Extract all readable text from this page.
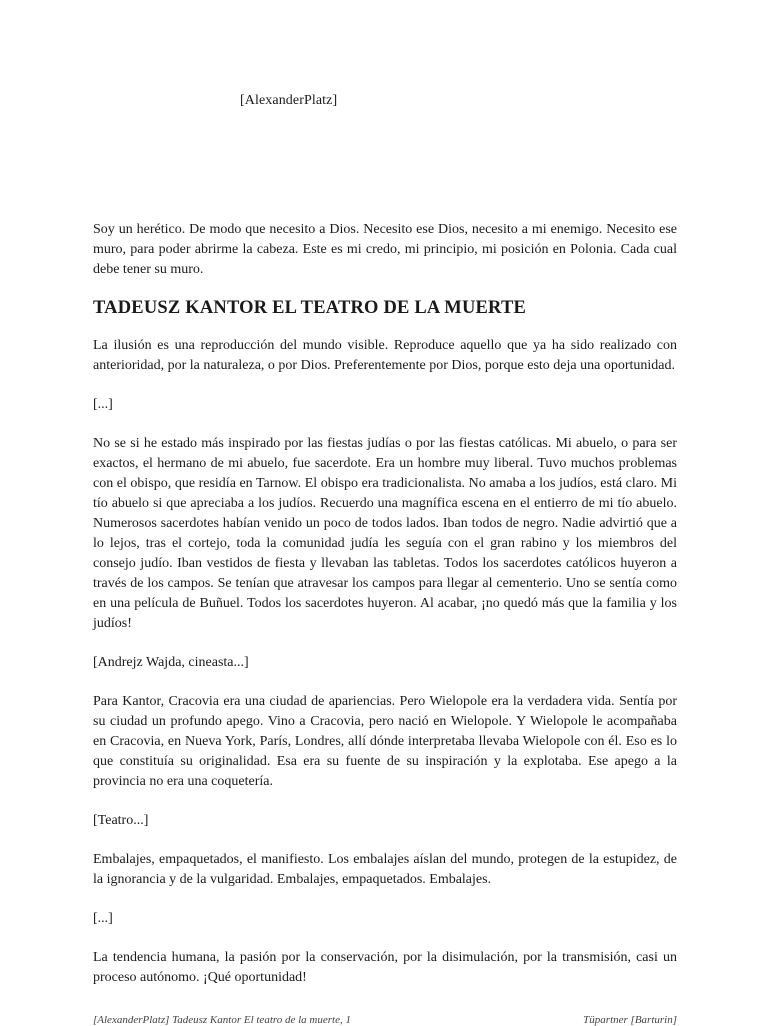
[AlexanderPlatz]

Soy un herético. De modo que necesito a Dios. Necesito ese Dios, necesito a mi enemigo. Necesito ese muro, para poder abrirme la cabeza. Este es mi credo, mi principio, mi posición en Polonia. Cada cual debe tener su muro.

TADEUSZ KANTOR EL TEATRO DE LA MUERTE

La ilusión es una reproducción del mundo visible. Reproduce aquello que ya ha sido realizado con anterioridad, por la naturaleza, o por Dios. Preferentemente por Dios, porque esto deja una oportunidad.

[...]

No se si he estado más inspirado por las fiestas judías o por las fiestas católicas. Mi abuelo, o para ser exactos, el hermano de mi abuelo, fue sacerdote. Era un hombre muy liberal. Tuvo muchos problemas con el obispo, que residía en Tarnow. El obispo era tradicionalista. No amaba a los judíos, está claro. Mi tío abuelo si que apreciaba a los judíos. Recuerdo una magnífica escena en el entierro de mi tío abuelo. Numerosos sacerdotes habían venido un poco de todos lados. Iban todos de negro. Nadie advirtió que a lo lejos, tras el cortejo, toda la comunidad judía les seguía con el gran rabino y los miembros del consejo judío. Iban vestidos de fiesta y llevaban las tabletas. Todos los sacerdotes católicos huyeron a través de los campos. Se tenían que atravesar los campos para llegar al cementerio. Uno se sentía como en una película de Buñuel. Todos los sacerdotes huyeron. Al acabar, ¡no quedó más que la familia y los judíos!

[Andrejz Wajda, cineasta...]

Para Kantor, Cracovia era una ciudad de apariencias. Pero Wielopole era la verdadera vida. Sentía por su ciudad un profundo apego. Vino a Cracovia, pero nació en Wielopole. Y Wielopole le acompañaba en Cracovia, en Nueva York, París, Londres, allí dónde interpretaba llevaba Wielopole con él. Eso es lo que constituía su originalidad. Esa era su fuente de su inspiración y la explotaba. Ese apego a la provincia no era una coquetería.

[Teatro...]

Embalajes, empaquetados, el manifiesto. Los embalajes aíslan del mundo, protegen de la estupidez, de la ignorancia y de la vulgaridad. Embalajes, empaquetados. Embalajes.

[...]

La tendencia humana, la pasión por la conservación, por la disimulación, por la transmisión, casi un proceso autónomo. ¡Qué oportunidad!

[AlexanderPlatz] Tadeusz Kantor El teatro de la muerte, 1	Tüpartner [Barturin]
